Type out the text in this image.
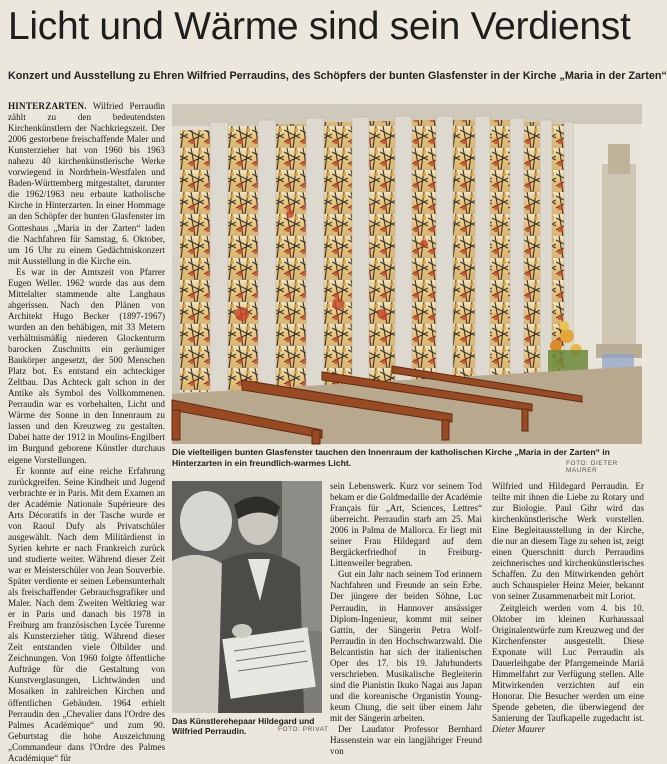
Licht und Wärme sind sein Verdienst
Konzert und Ausstellung zu Ehren Wilfried Perraudins, des Schöpfers der bunten Glasfenster in der Kirche „Maria in der Zarten“

HINTERZARTEN. Wilfried Perraudin zählt zu den bedeutendsten Kirchenkünstlern der Nachkriegszeit. Der 2006 gestorbene freischaffende Maler und Kunsterzieher hat von 1960 bis 1963 nahezu 40 kirchenkünstlerische Werke vorwiegend in Nordrhein-Westfalen und Baden-Württemberg mitgestaltet, darunter die 1962/1963 neu erbaute katholische Kirche in Hinterzarten. In einer Hommage an den Schöpfer der bunten Glasfenster im Gotteshaus „Maria in der Zarten“ laden die Nachfahren für Samstag, 6. Oktober, um 16 Uhr zu einem Gedächtniskonzert mit Ausstellung in die Kirche ein.

Es war in der Amtszeit von Pfarrer Eugen Weller. 1962 wurde das aus dem Mittelalter stammende alte Langhaus abgerissen. Nach den Plänen von Architekt Hugo Becker (1897-1967) wurden an den behäbigen, mit 33 Metern verhältnismäßig niederen Glockenturm barocken Zuschnitts ein geräumiger Baukörper angesetzt, der 500 Menschen Platz bot. Es entstand ein achteckiger Zeltbau. Das Achteck galt schon in der Antike als Symbol des Vollkommenen. Perraudin war es vorbehalten, Licht und Wärme der Sonne in den Innenraum zu lassen und den Kreuzweg zu gestalten. Dabei hatte der 1912 in Moulins-Engilbert im Burgund geborene Künstler durchaus eigene Vorstellungen.

Er konnte auf eine reiche Erfahrung zurückgreifen. Seine Kindheit und Jugend verbrachte er in Paris. Mit dem Examen an der Académie Nationale Supérieure des Arts Décoratifs in der Tasche wurde er von Raoul Dufy als Privatschüler ausgewählt. Nach dem Militärdienst in Syrien kehrte er nach Frankreich zurück und studierte weiter. Während dieser Zeit war er Meisterschüler von Jean Souverbie. Später verdiente er seinen Lebensunterhalt als freischaffender Gebrauchsgrafiker und Maler. Nach dem Zweiten Weltkrieg war er in Paris und danach bis 1978 in Freiburg am französischen Lycée Turenne als Kunsterzieher tätig. Während dieser Zeit entstanden viele Ölbilder und Zeichnungen. Von 1960 folgte öffentliche Aufträge für die Gestaltung von Kunstverglasungen, Lichtwänden und Mosaiken in zahlreichen Kirchen und öffentlichen Gebäuden. 1964 erhielt Perraudin den „Chevalier dans l'Ordre des Palmes Académique“ und zum 90. Geburtstag die hohe Auszeichnung „Commandeur dans l'Ordre des Palmes Académique“ für

Die vielteiligen bunten Glasfenster tauchen den Innenraum der katholischen Kirche „Maria in der Zarten“ in Hinterzarten in ein freundlich-warmes Licht.	FOTO: DIETER MAURER
Das Künstlerehepaar Hildegard und Wilfried Perraudin.	FOTO: PRIVAT

sein Lebenswerk. Kurz vor seinem Tod bekam er die Goldmedaille der Académie Français für „Art, Sciences, Lettres“ überreicht. Perraudin starb am 25. Mai 2006 in Palma de Mallorca. Er liegt mit seiner Frau Hildegard auf dem Bergäckerfriedhof in Freiburg-Littenweiler begraben.

Gut ein Jahr nach seinem Tod erinnern Nachfahren und Freunde an sein Erbe. Der jüngere der beiden Söhne, Luc Perraudin, in Hannover ansässiger Diplom-Ingenieur, kommt mit seiner Gattin, der Sängerin Petra Wolf-Perraudin in den Hochschwarzwald. Die Belcantistin hat sich der italienischen Oper des 17. bis 19. Jahrhunderts verschrieben. Musikalische Begleiterin sind die Pianistin Ikuko Nagai aus Japan und die koreanische Organistin Young-keum Chung, die seit über einem Jahr mit der Sängerin arbeiten.

Der Laudator Professor Bernhard Hassenstein war ein langjähriger Freund von

Wilfried und Hildegard Perraudin. Er teilte mit ihnen die Liebe zu Rotary und zur Biologie. Paul Gihr wird das kirchenkünstlerische Werk vorstellen. Eine Begleitausstellung in der Kirche, die nur an diesem Tage zu sehen ist, zeigt einen Querschnitt durch Perraudins zeichnerisches und kirchenkünstlerisches Schaffen. Zu den Mitwirkenden gehört auch Schauspieler Heinz Meier, bekannt von seiner Zusammenarbeit mit Loriot.

Zeitgleich werden vom 4. bis 10. Oktober im kleinen Kurhaussaal Originalentwürfe zum Kreuzweg und der Kirchenfenster ausgestellt. Diese Exponate will Luc Perraudin als Dauerleihgabe der Pfarrgemeinde Mariä Himmelfahrt zur Verfügung stellen. Alle Mitwirkenden verzichten auf ein Honorar. Die Besucher werden um eine Spende gebeten, die überwiegend der Sanierung der Taufkapelle zugedacht ist. Dieter Maurer
